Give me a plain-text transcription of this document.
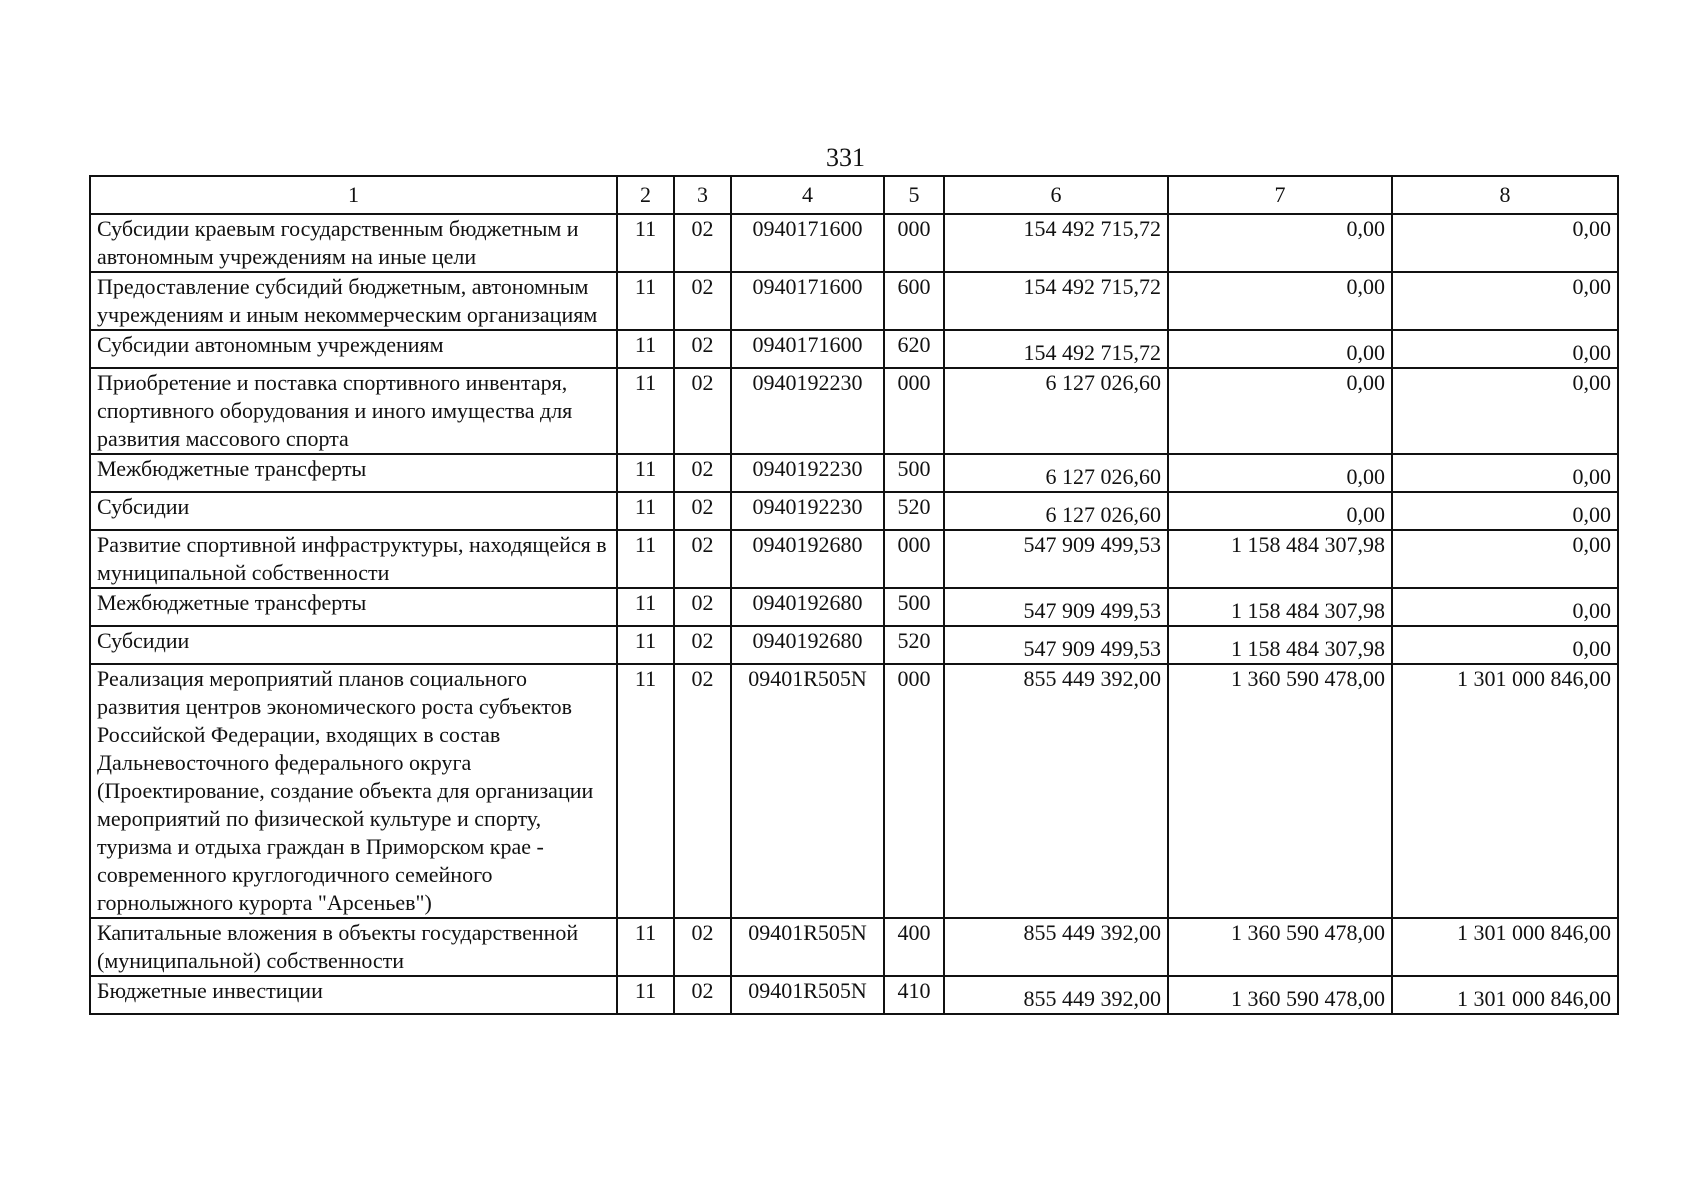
331
1	2	3	4	5	6	7	8
Субсидии краевым государственным бюджетным и автономным учреждениям на иные цели	11	02	0940171600	000	154 492 715,72	0,00	0,00
Предоставление субсидий бюджетным, автономным учреждениям и иным некоммерческим организациям	11	02	0940171600	600	154 492 715,72	0,00	0,00
Субсидии автономным учреждениям	11	02	0940171600	620	154 492 715,72	0,00	0,00
Приобретение и поставка спортивного инвентаря, спортивного оборудования и иного имущества для развития массового спорта	11	02	0940192230	000	6 127 026,60	0,00	0,00
Межбюджетные трансферты	11	02	0940192230	500	6 127 026,60	0,00	0,00
Субсидии	11	02	0940192230	520	6 127 026,60	0,00	0,00
Развитие спортивной инфраструктуры, находящейся в муниципальной собственности	11	02	0940192680	000	547 909 499,53	1 158 484 307,98	0,00
Межбюджетные трансферты	11	02	0940192680	500	547 909 499,53	1 158 484 307,98	0,00
Субсидии	11	02	0940192680	520	547 909 499,53	1 158 484 307,98	0,00
Реализация мероприятий планов социального развития центров экономического роста субъектов Российской Федерации, входящих в состав Дальневосточного федерального округа (Проектирование, создание объекта для организации мероприятий по физической культуре и спорту, туризма и отдыха граждан в Приморском крае - современного круглогодичного семейного горнолыжного курорта "Арсеньев")	11	02	09401R505N	000	855 449 392,00	1 360 590 478,00	1 301 000 846,00
Капитальные вложения в объекты государственной (муниципальной) собственности	11	02	09401R505N	400	855 449 392,00	1 360 590 478,00	1 301 000 846,00
Бюджетные инвестиции	11	02	09401R505N	410	855 449 392,00	1 360 590 478,00	1 301 000 846,00
